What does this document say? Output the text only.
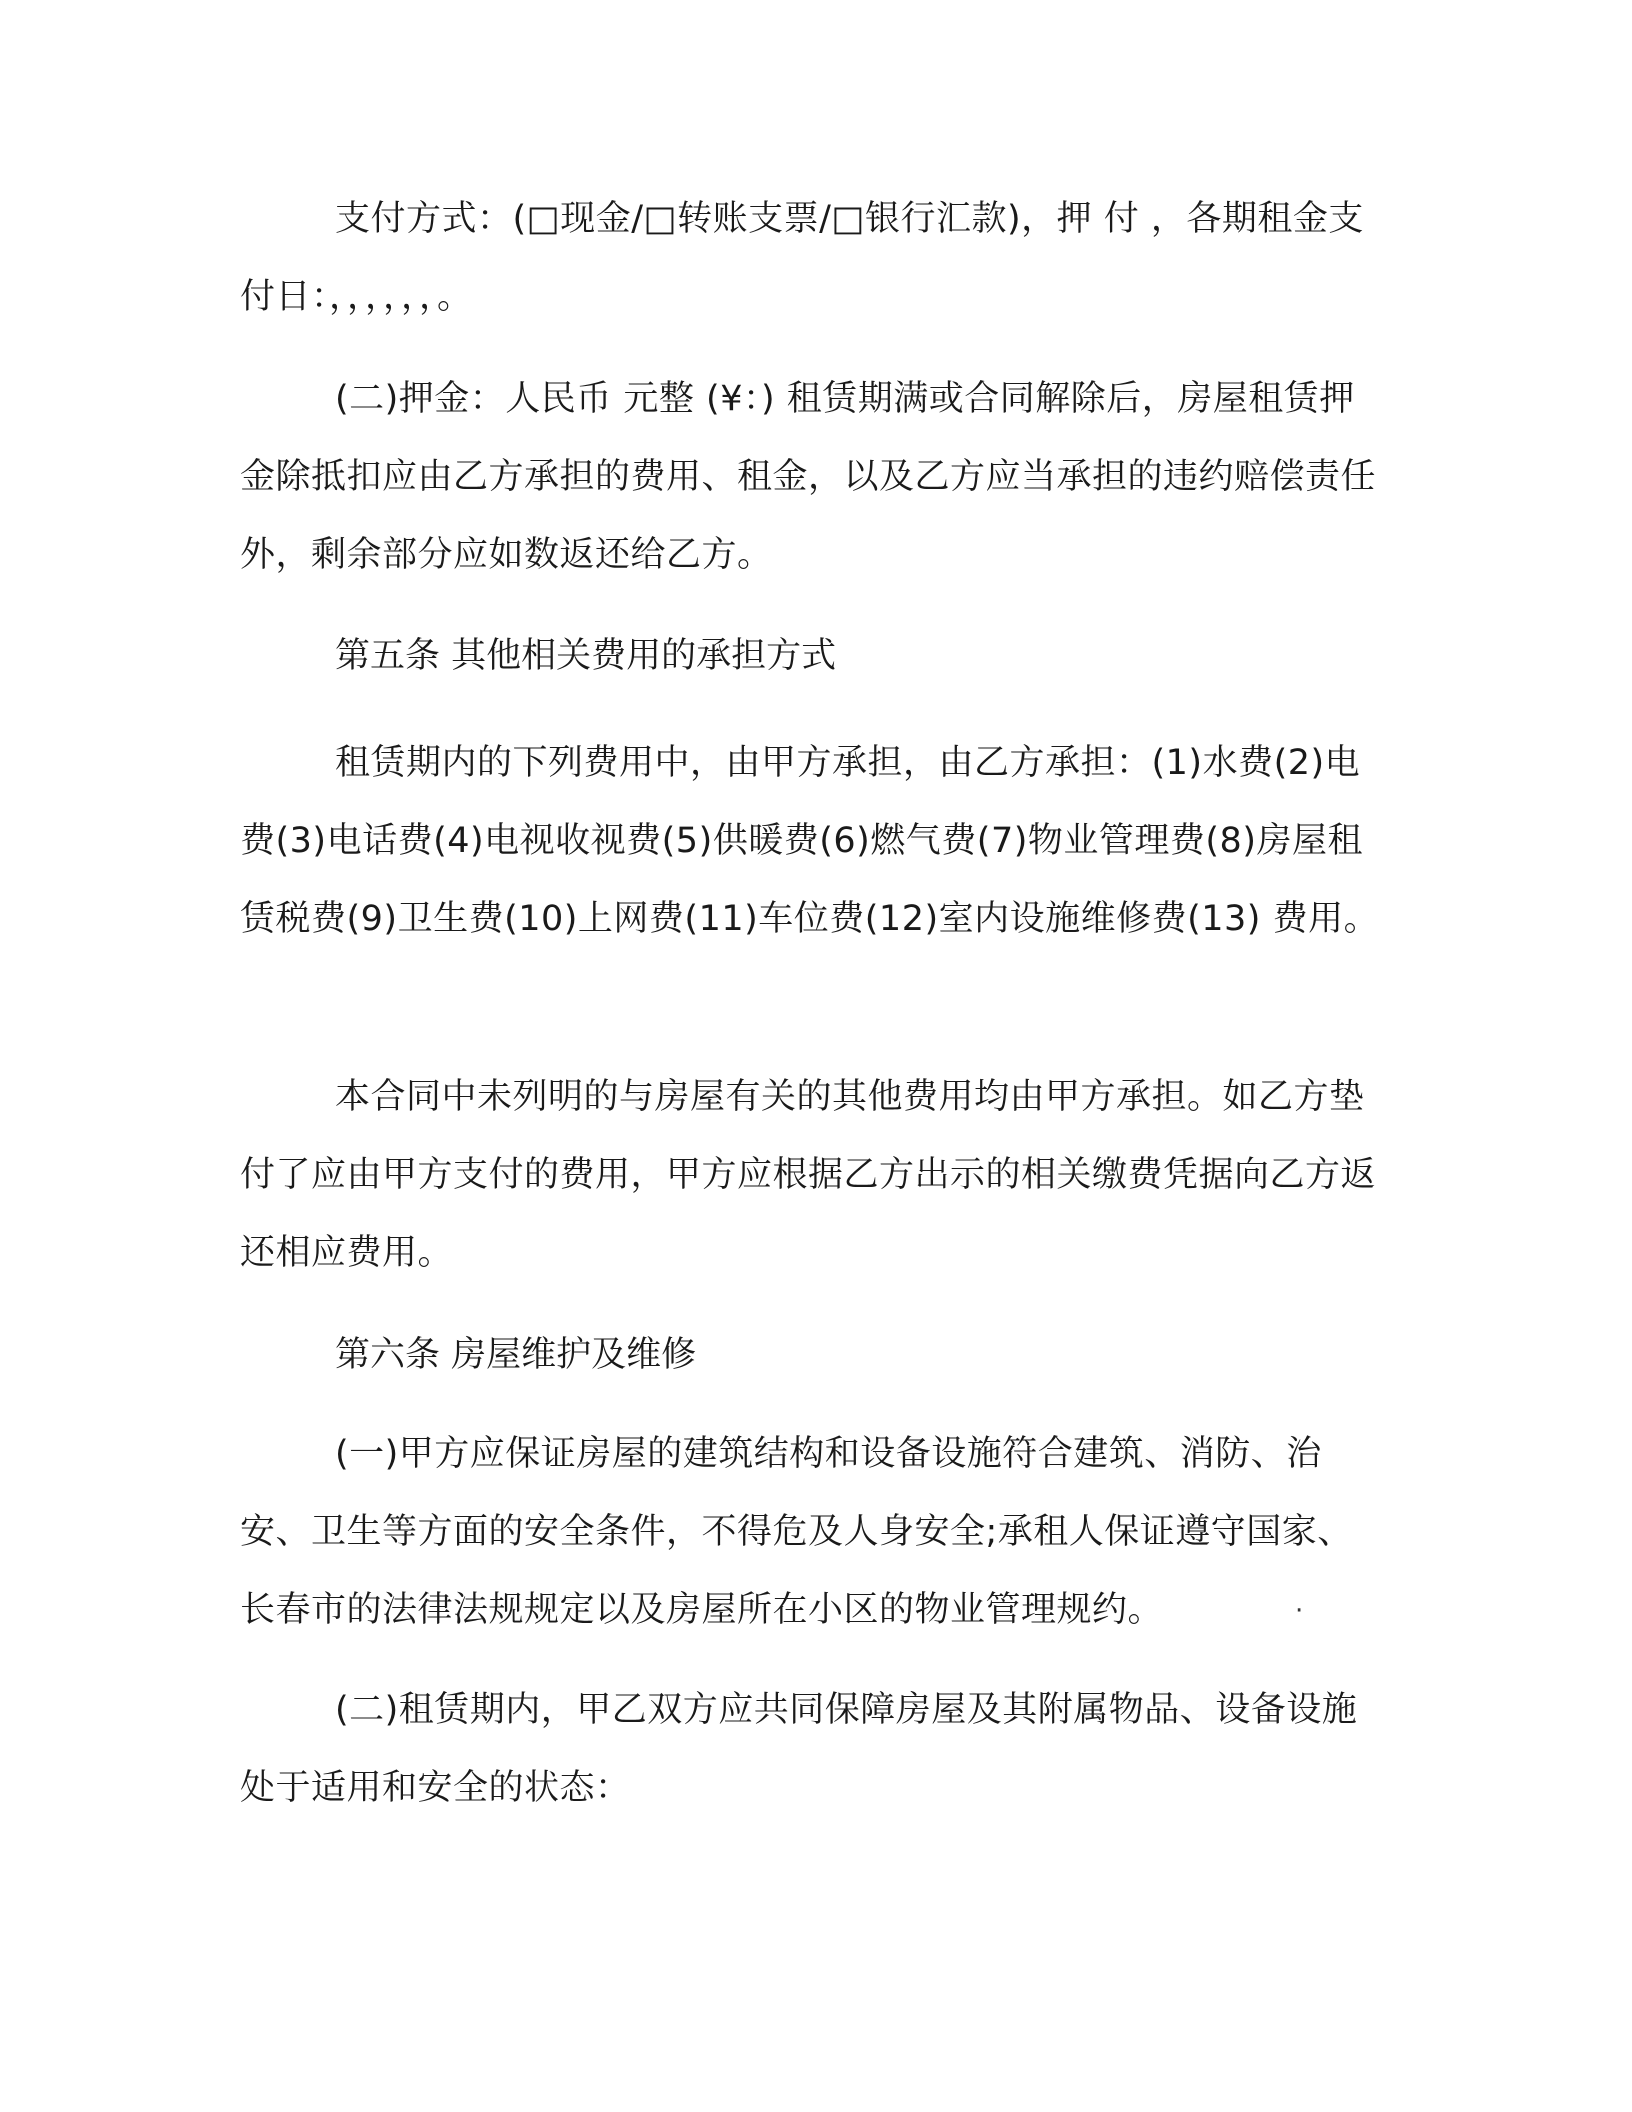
支付方式：(□现金/□转账支票/□银行汇款)，押 付 ，各期租金支付日：，，，，，，。

(二)押金：人民币 元整 (¥：) 租赁期满或合同解除后，房屋租赁押金除抵扣应由乙方承担的费用、租金，以及乙方应当承担的违约赔偿责任外，剩余部分应如数返还给乙方。

第五条 其他相关费用的承担方式

租赁期内的下列费用中，由甲方承担，由乙方承担：(1)水费(2)电费(3)电话费(4)电视收视费(5)供暖费(6)燃气费(7)物业管理费(8)房屋租赁税费(9)卫生费(10)上网费(11)车位费(12)室内设施维修费(13) 费用。

本合同中未列明的与房屋有关的其他费用均由甲方承担。如乙方垫付了应由甲方支付的费用，甲方应根据乙方出示的相关缴费凭据向乙方返还相应费用。

第六条 房屋维护及维修

(一)甲方应保证房屋的建筑结构和设备设施符合建筑、消防、治安、卫生等方面的安全条件，不得危及人身安全;承租人保证遵守国家、长春市的法律法规规定以及房屋所在小区的物业管理规约。	·

(二)租赁期内，甲乙双方应共同保障房屋及其附属物品、设备设施处于适用和安全的状态：
